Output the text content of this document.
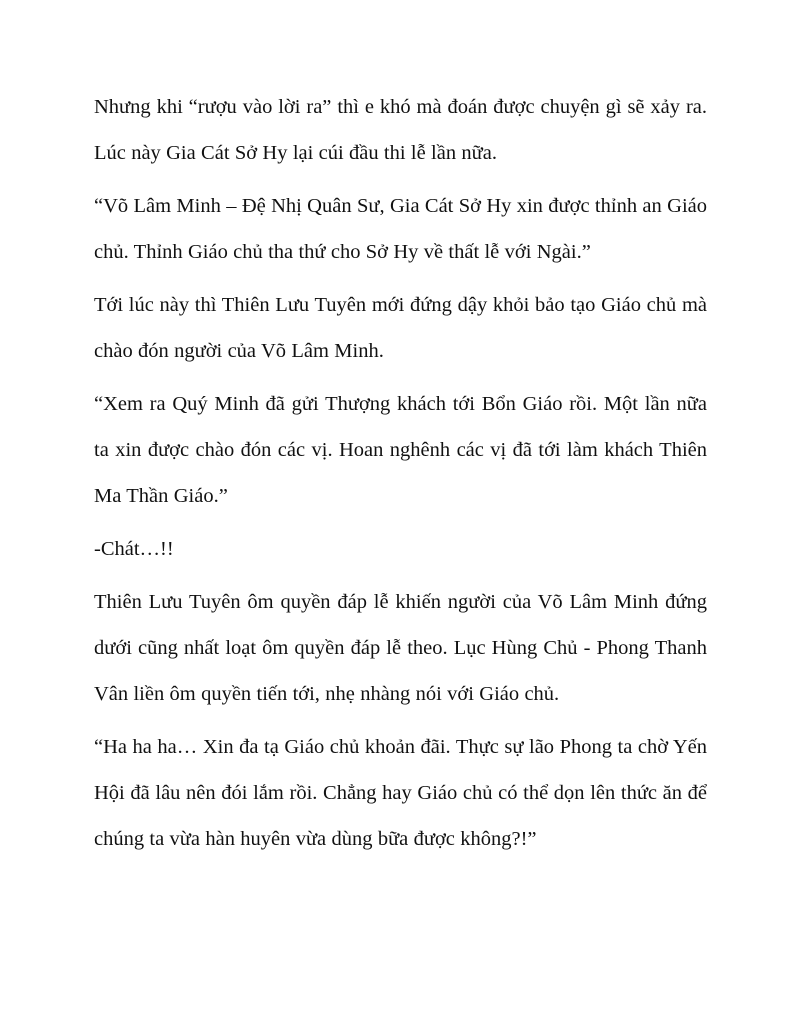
Nhưng khi “rượu vào lời ra” thì e khó mà đoán được chuyện gì sẽ xảy ra. Lúc này Gia Cát Sở Hy lại cúi đầu thi lễ lần nữa.

“Võ Lâm Minh – Đệ Nhị Quân Sư, Gia Cát Sở Hy xin được thỉnh an Giáo chủ. Thỉnh Giáo chủ tha thứ cho Sở Hy về thất lễ với Ngài.”

Tới lúc này thì Thiên Lưu Tuyên mới đứng dậy khỏi bảo tạo Giáo chủ mà chào đón người của Võ Lâm Minh.

“Xem ra Quý Minh đã gửi Thượng khách tới Bổn Giáo rồi. Một lần nữa ta xin được chào đón các vị. Hoan nghênh các vị đã tới làm khách Thiên Ma Thần Giáo.”

-Chát…!!

Thiên Lưu Tuyên ôm quyền đáp lễ khiến người của Võ Lâm Minh đứng dưới cũng nhất loạt ôm quyền đáp lễ theo. Lục Hùng Chủ - Phong Thanh Vân liền ôm quyền tiến tới, nhẹ nhàng nói với Giáo chủ.

“Ha ha ha… Xin đa tạ Giáo chủ khoản đãi. Thực sự lão Phong ta chờ Yến Hội đã lâu nên đói lắm rồi. Chẳng hay Giáo chủ có thể dọn lên thức ăn để chúng ta vừa hàn huyên vừa dùng bữa được không?!”
